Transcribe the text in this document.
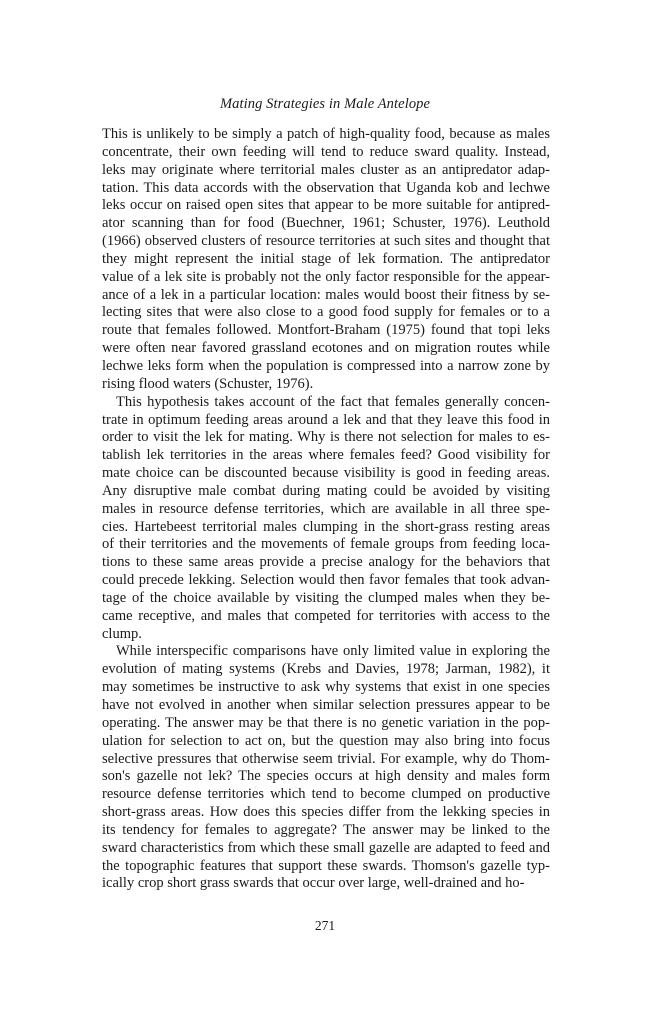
Mating Strategies in Male Antelope
This is unlikely to be simply a patch of high-quality food, because as males
concentrate, their own feeding will tend to reduce sward quality. Instead,
leks may originate where territorial males cluster as an antipredator adap-
tation. This data accords with the observation that Uganda kob and lechwe
leks occur on raised open sites that appear to be more suitable for antipred-
ator scanning than for food (Buechner, 1961; Schuster, 1976). Leuthold
(1966) observed clusters of resource territories at such sites and thought that
they might represent the initial stage of lek formation. The antipredator
value of a lek site is probably not the only factor responsible for the appear-
ance of a lek in a particular location: males would boost their fitness by se-
lecting sites that were also close to a good food supply for females or to a
route that females followed. Montfort-Braham (1975) found that topi leks
were often near favored grassland ecotones and on migration routes while
lechwe leks form when the population is compressed into a narrow zone by
rising flood waters (Schuster, 1976).
This hypothesis takes account of the fact that females generally concen-
trate in optimum feeding areas around a lek and that they leave this food in
order to visit the lek for mating. Why is there not selection for males to es-
tablish lek territories in the areas where females feed? Good visibility for
mate choice can be discounted because visibility is good in feeding areas.
Any disruptive male combat during mating could be avoided by visiting
males in resource defense territories, which are available in all three spe-
cies. Hartebeest territorial males clumping in the short-grass resting areas
of their territories and the movements of female groups from feeding loca-
tions to these same areas provide a precise analogy for the behaviors that
could precede lekking. Selection would then favor females that took advan-
tage of the choice available by visiting the clumped males when they be-
came receptive, and males that competed for territories with access to the
clump.
While interspecific comparisons have only limited value in exploring the
evolution of mating systems (Krebs and Davies, 1978; Jarman, 1982), it
may sometimes be instructive to ask why systems that exist in one species
have not evolved in another when similar selection pressures appear to be
operating. The answer may be that there is no genetic variation in the pop-
ulation for selection to act on, but the question may also bring into focus
selective pressures that otherwise seem trivial. For example, why do Thom-
son's gazelle not lek? The species occurs at high density and males form
resource defense territories which tend to become clumped on productive
short-grass areas. How does this species differ from the lekking species in
its tendency for females to aggregate? The answer may be linked to the
sward characteristics from which these small gazelle are adapted to feed and
the topographic features that support these swards. Thomson's gazelle typ-
ically crop short grass swards that occur over large, well-drained and ho-
271
